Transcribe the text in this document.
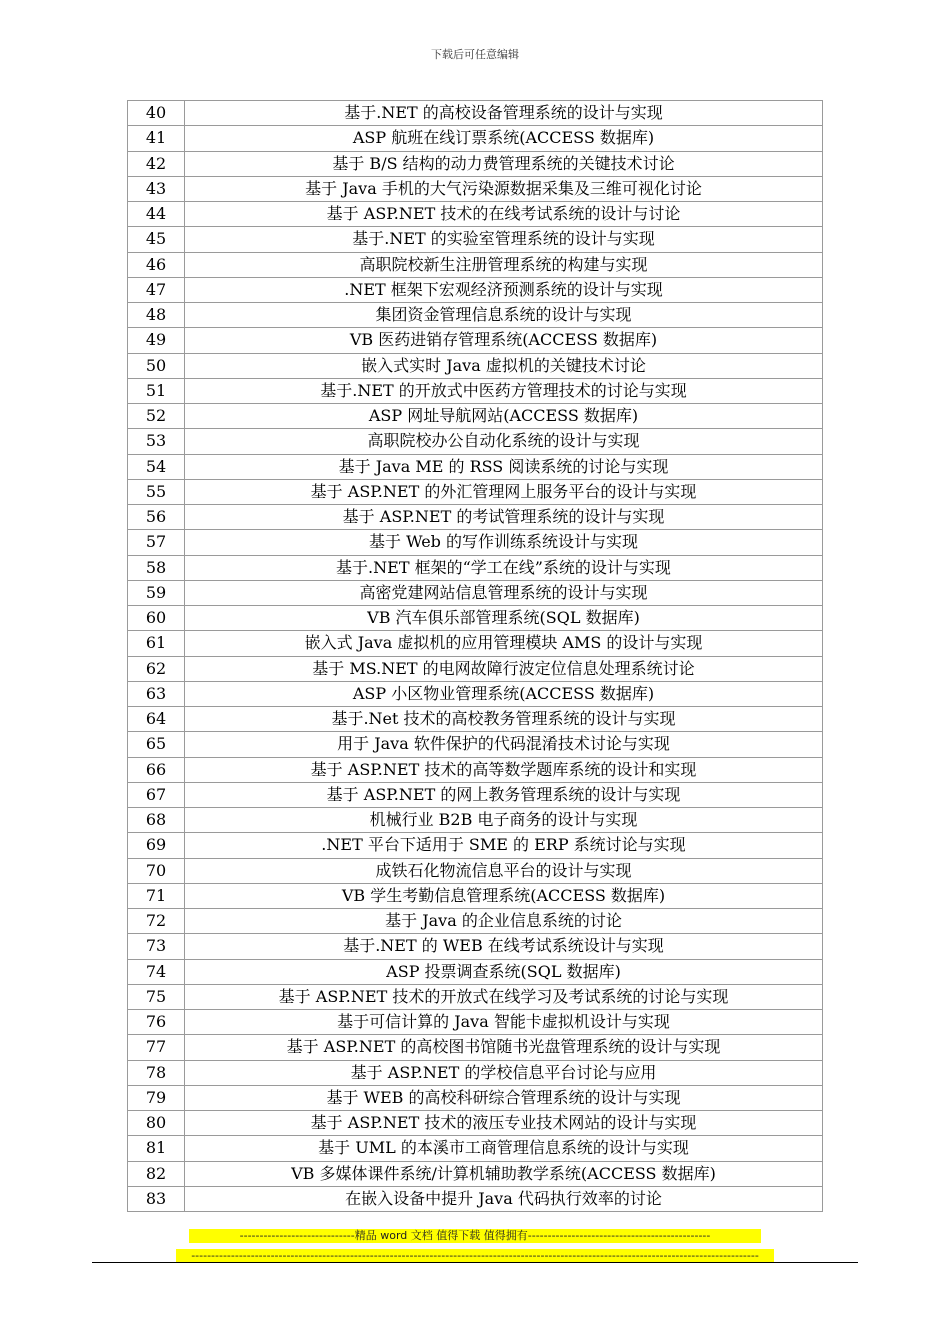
下载后可任意编辑
40	基于.NET 的高校设备管理系统的设计与实现
41	ASP 航班在线订票系统(ACCESS 数据库)
42	基于 B/S 结构的动力费管理系统的关键技术讨论
43	基于 Java 手机的大气污染源数据采集及三维可视化讨论
44	基于 ASP.NET 技术的在线考试系统的设计与讨论
45	基于.NET 的实验室管理系统的设计与实现
46	高职院校新生注册管理系统的构建与实现
47	.NET 框架下宏观经济预测系统的设计与实现
48	集团资金管理信息系统的设计与实现
49	VB 医药进销存管理系统(ACCESS 数据库)
50	嵌入式实时 Java 虚拟机的关键技术讨论
51	基于.NET 的开放式中医药方管理技术的讨论与实现
52	ASP 网址导航网站(ACCESS 数据库)
53	高职院校办公自动化系统的设计与实现
54	基于 Java ME 的 RSS 阅读系统的讨论与实现
55	基于 ASP.NET 的外汇管理网上服务平台的设计与实现
56	基于 ASP.NET 的考试管理系统的设计与实现
57	基于 Web 的写作训练系统设计与实现
58	基于.NET 框架的“学工在线”系统的设计与实现
59	高密党建网站信息管理系统的设计与实现
60	VB 汽车俱乐部管理系统(SQL 数据库)
61	嵌入式 Java 虚拟机的应用管理模块 AMS 的设计与实现
62	基于 MS.NET 的电网故障行波定位信息处理系统讨论
63	ASP 小区物业管理系统(ACCESS 数据库)
64	基于.Net 技术的高校教务管理系统的设计与实现
65	用于 Java 软件保护的代码混淆技术讨论与实现
66	基于 ASP.NET 技术的高等数学题库系统的设计和实现
67	基于 ASP.NET 的网上教务管理系统的设计与实现
68	机械行业 B2B 电子商务的设计与实现
69	.NET 平台下适用于 SME 的 ERP 系统讨论与实现
70	成铁石化物流信息平台的设计与实现
71	VB 学生考勤信息管理系统(ACCESS 数据库)
72	基于 Java 的企业信息系统的讨论
73	基于.NET 的 WEB 在线考试系统设计与实现
74	ASP 投票调查系统(SQL 数据库)
75	基于 ASP.NET 技术的开放式在线学习及考试系统的讨论与实现
76	基于可信计算的 Java 智能卡虚拟机设计与实现
77	基于 ASP.NET 的高校图书馆随书光盘管理系统的设计与实现
78	基于 ASP.NET 的学校信息平台讨论与应用
79	基于 WEB 的高校科研综合管理系统的设计与实现
80	基于 ASP.NET 技术的液压专业技术网站的设计与实现
81	基于 UML 的本溪市工商管理信息系统的设计与实现
82	VB 多媒体课件系统/计算机辅助教学系统(ACCESS 数据库)
83	在嵌入设备中提升 Java 代码执行效率的讨论
-----------------------------精品 word 文档 值得下载 值得拥有----------------------------------------------
-----------------------------------------------------------------------------------------------------------------------------------------------
